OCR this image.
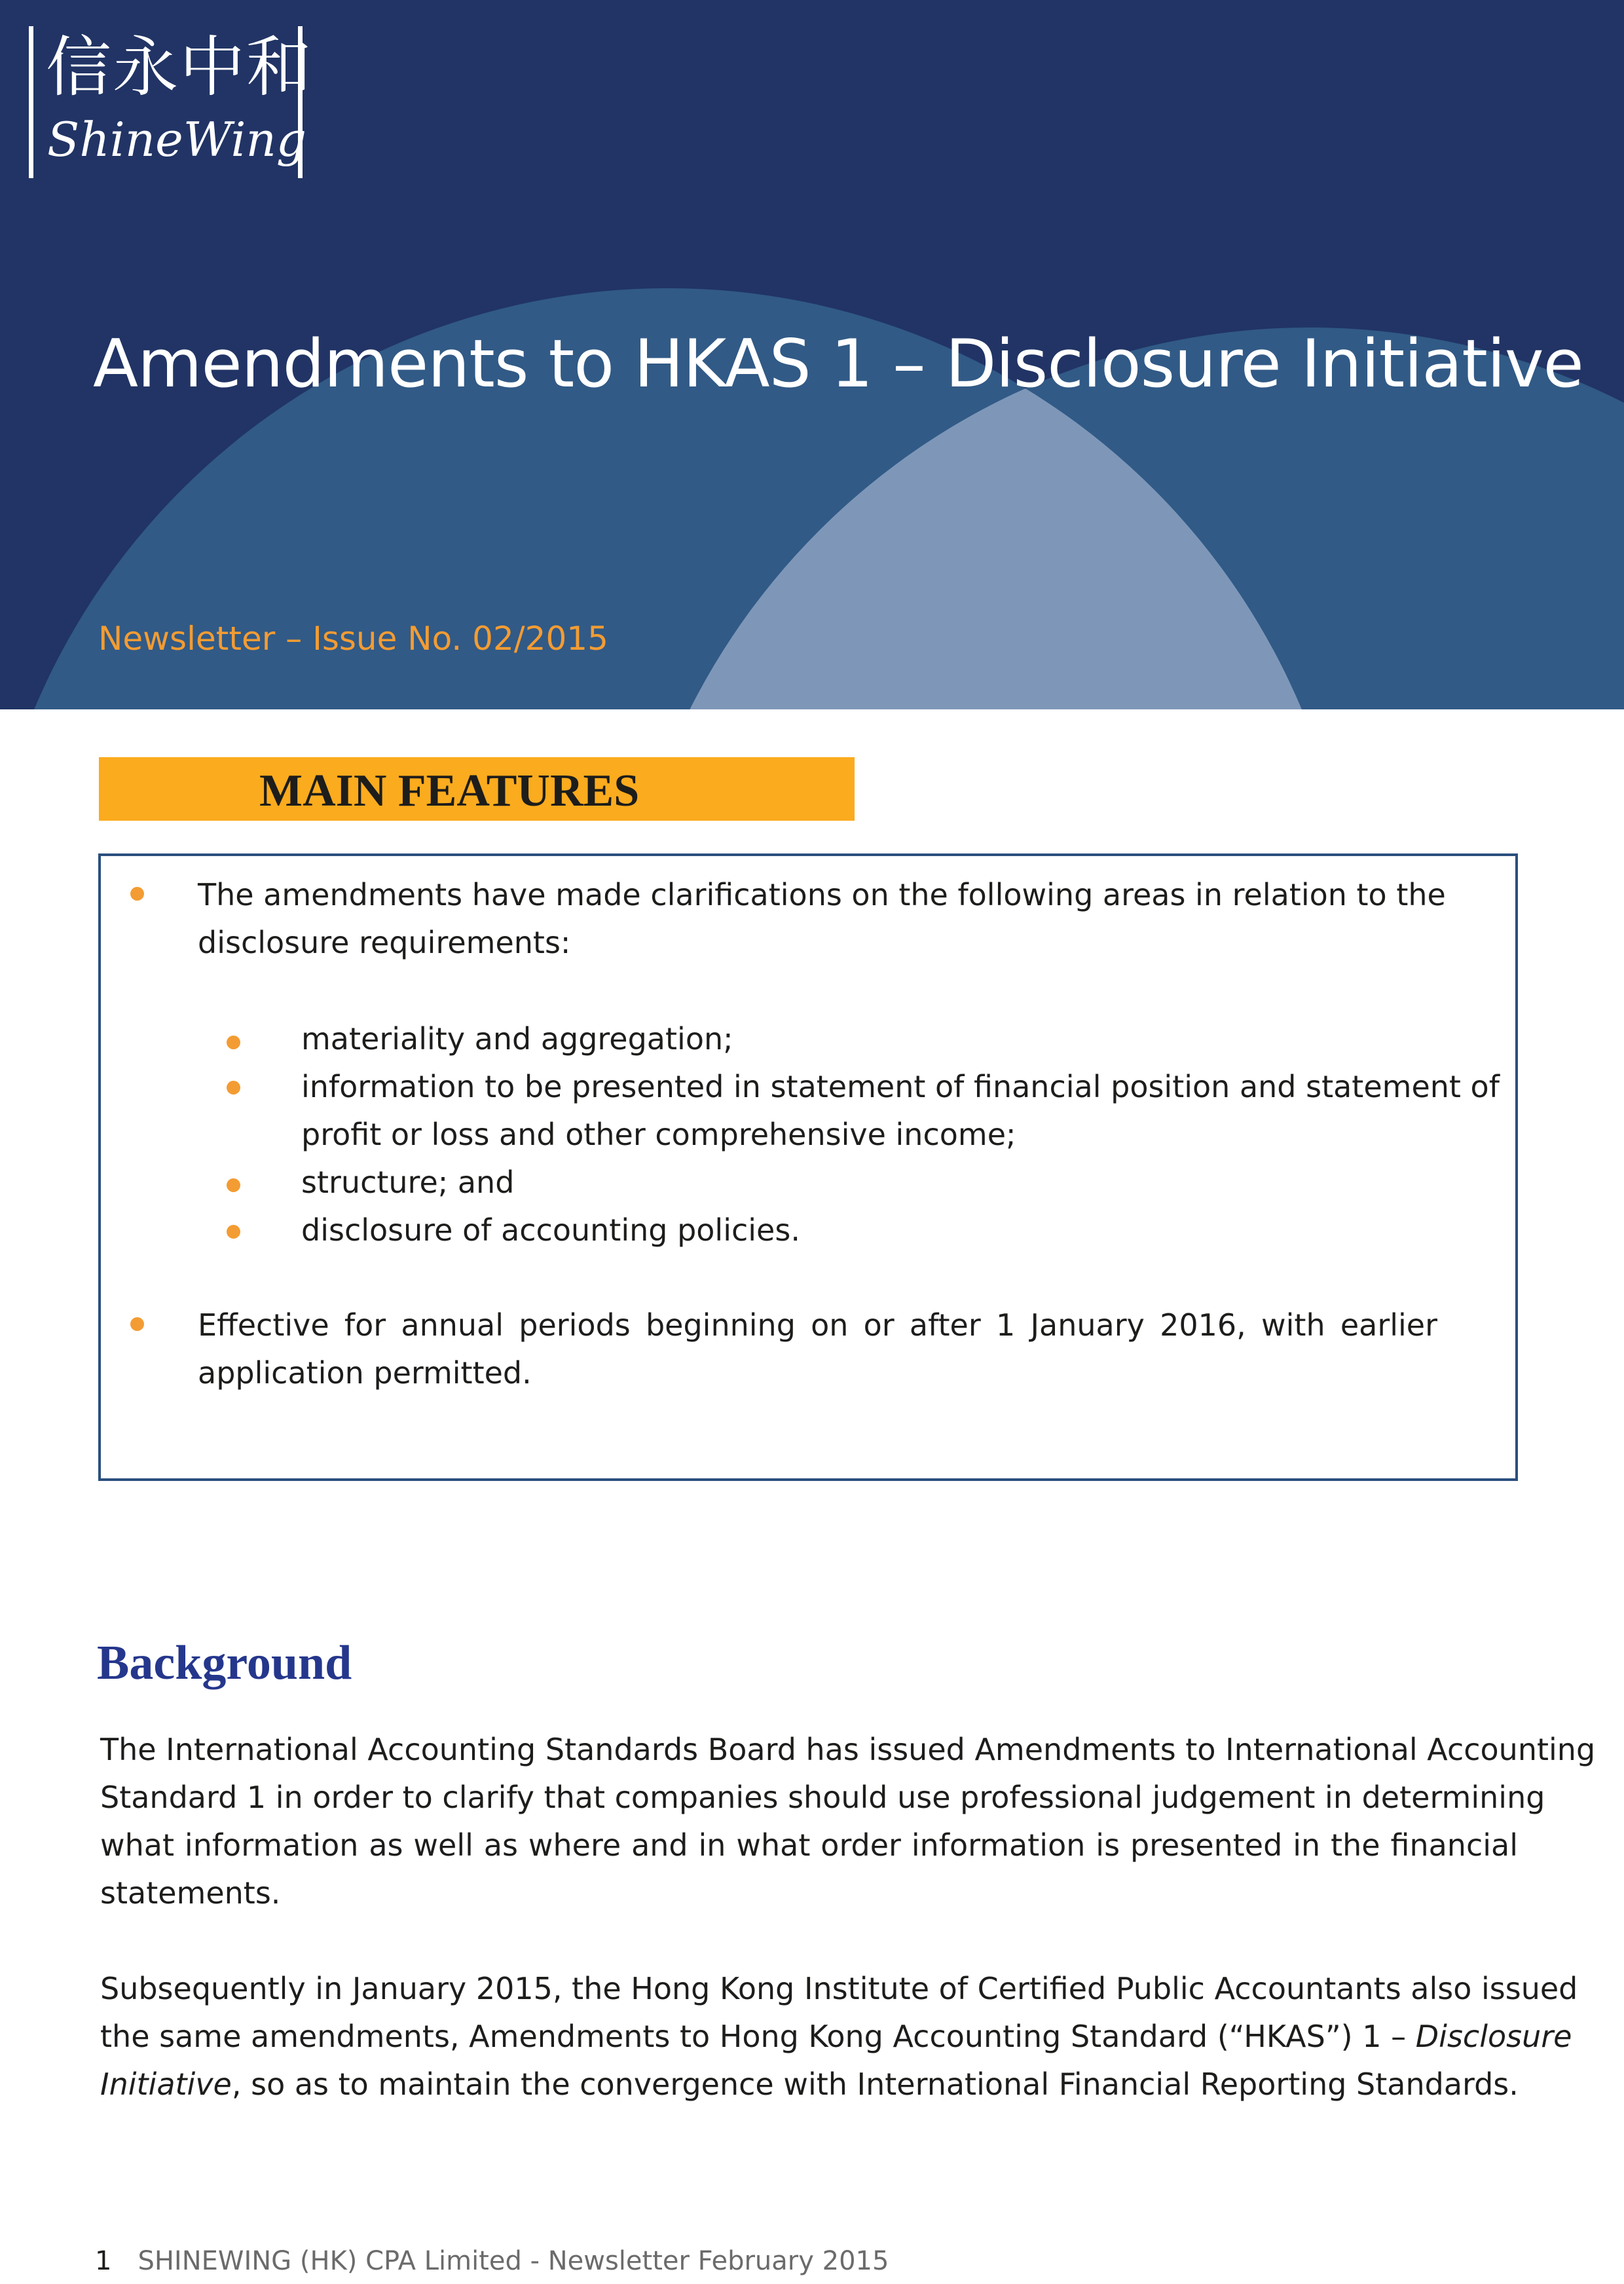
信永中和
ShineWing
Amendments to HKAS 1 – Disclosure Initiative
Newsletter – Issue No. 02/2015
MAIN FEATURES
The amendments have made clarifications on the following areas in relation to the
disclosure requirements:
materiality and aggregation;
information to be presented in statement of financial position and statement of
profit or loss and other comprehensive income;
structure; and
disclosure of accounting policies.
Effective for annual periods beginning on or after 1 January 2016, with earlier
application permitted.
Background
The International Accounting Standards Board has issued Amendments to International Accounting
Standard 1 in order to clarify that companies should use professional judgement in determining
what information as well as where and in what order information is presented in the financial
statements.
Subsequently in January 2015, the Hong Kong Institute of Certified Public Accountants also issued
the same amendments, Amendments to Hong Kong Accounting Standard (“HKAS”) 1 – Disclosure
Initiative, so as to maintain the convergence with International Financial Reporting Standards.
1 SHINEWING (HK) CPA Limited - Newsletter February 2015
